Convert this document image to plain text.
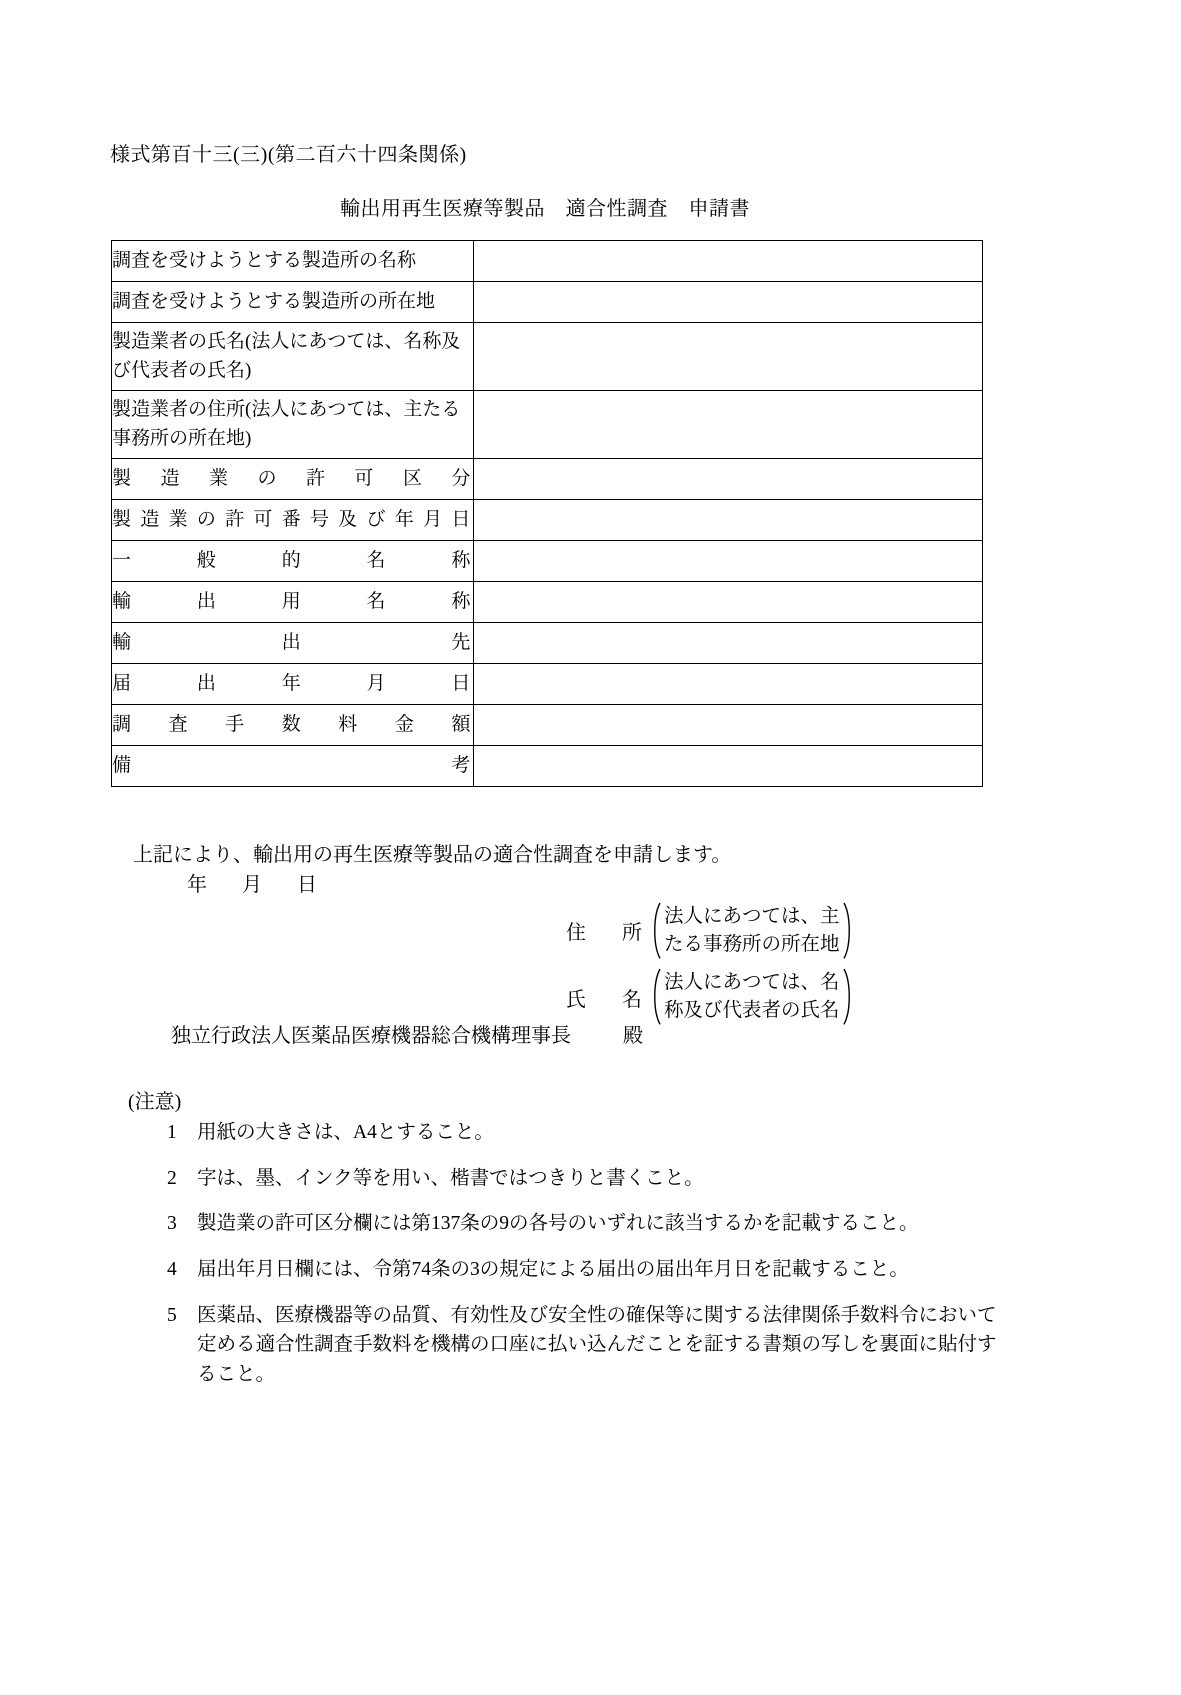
様式第百十三(三)(第二百六十四条関係)
輸出用再生医療等製品　適合性調査　申請書
調査を受けようとする製造所の名称	

調査を受けようとする製造所の所在地	

製造業者の氏名(法人にあつては、名称及び代表者の氏名)	

製造業者の住所(法人にあつては、主たる事務所の所在地)	

製造業の許可区分	

製造業の許可番号及び年月日	

一般的名称	

輸出用名称	

輸出先	

届出年月日	

調査手数料金額	

備考	

上記により、輸出用の再生医療等製品の適合性調査を申請します。
年 月 日
住 所
法人にあつては、主
たる事務所の所在地
氏 名
法人にあつては、名
称及び代表者の氏名
独立行政法人医薬品医療機器総合機構理事長	殿
(注意)
1	用紙の大きさは、A4とすること。
2	字は、墨、インク等を用い、楷書ではつきりと書くこと。
3	製造業の許可区分欄には第137条の9の各号のいずれに該当するかを記載すること。
4	届出年月日欄には、令第74条の3の規定による届出の届出年月日を記載すること。
5	医薬品、医療機器等の品質、有効性及び安全性の確保等に関する法律関係手数料令において定める適合性調査手数料を機構の口座に払い込んだことを証する書類の写しを裏面に貼付すること。
